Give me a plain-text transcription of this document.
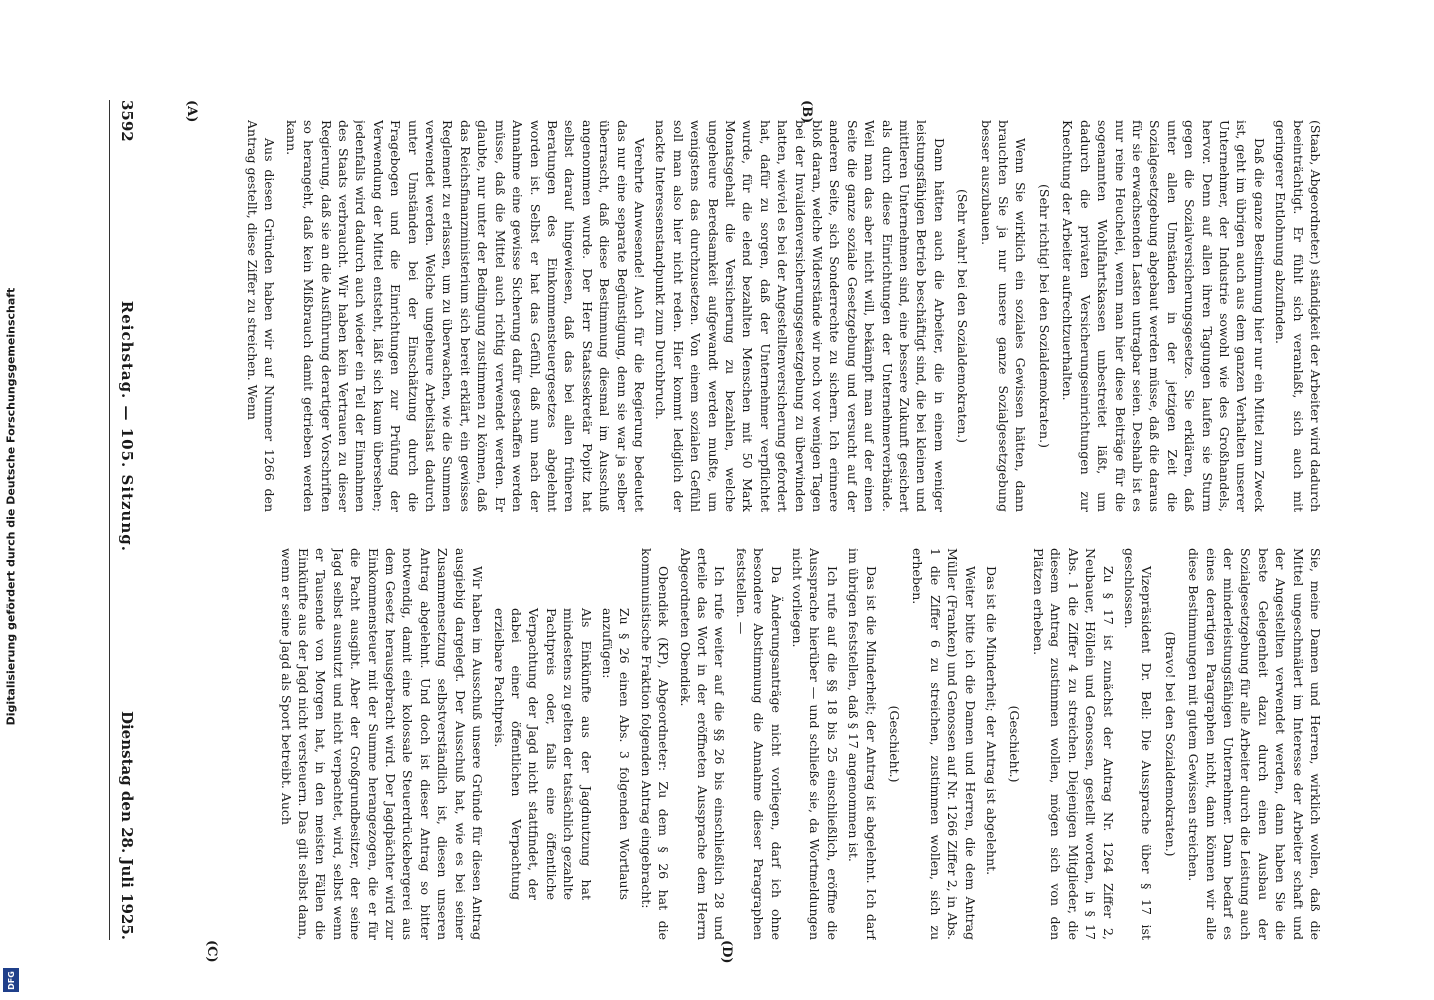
Digitalisierung gefördert durch die Deutsche Forschungsgemeinschaft
DFG
3592
Reichstag. — 105. Sitzung.
Dienstag den 28. Juli 1925.

(Staab, Abgeordneter.) ständigkeit der Arbeiter wird dadurch beeinträchtigt. Er fühlt sich veranlaßt, sich auch mit geringerer Entlohnung abzufinden.

Daß die ganze Bestimmung hier nur ein Mittel zum Zweck ist, geht im übrigen auch aus dem ganzen Verhalten unserer Unternehmer, der Industrie sowohl wie des Großhandels, hervor. Denn auf allen ihren Tagungen laufen sie Sturm gegen die Sozialversicherungsgesetze. Sie erklären, daß unter allen Umständen in der jetzigen Zeit die Sozialgesetzgebung abgebaut werden müsse, daß die daraus für sie erwachsenden Lasten untragbar seien. Deshalb ist es nur reine Heuchelei, wenn man hier diese Beiträge für die sogenannten Wohlfahrtskassen unbestreitet läßt, um dadurch die privaten Versicherungseinrichtungen zur Knechtung der Arbeiter aufrechtzuerhalten.

(Sehr richtig! bei den Sozialdemokraten.)

Wenn Sie wirklich ein soziales Gewissen hätten, dann brauchten Sie ja nur unsere ganze Sozialgesetzgebung besser auszubauen.

(Sehr wahr! bei den Sozialdemokraten.)

Dann hätten auch die Arbeiter, die in einem weniger leistungsfähigen Betrieb beschäftigt sind, die bei kleinen und mittleren Unternehmen sind, eine bessere Zukunft gesichert als durch diese Einrichtungen der Unternehmerverbände. Weil man das aber nicht will, bekämpft man auf der einen Seite die ganze soziale Gesetzgebung und versucht auf der anderen Seite, sich Sonderrechte zu sichern. Ich erinnere bloß daran, welche Widerstände wir noch vor wenigen Tagen bei der Invalidenversicherungsgesetzgebung zu überwinden hatten, wieviel es bei der Angestelltenversicherung gefordert hat, dafür zu sorgen, daß der Unternehmer verpflichtet wurde, für die elend bezahlten Menschen mit 50 Mark Monatsgehalt die Versicherung zu bezahlen, welche ungeheure Beredsamkeit aufgewandt werden mußte, um wenigstens das durchzusetzen. Von einem sozialen Gefühl soll man also hier nicht reden. Hier kommt lediglich der nackte Interessenstandpunkt zum Durchbruch.

Verehrte Anwesende! Auch für die Regierung bedeutet das nur eine separate Begünstigung, denn sie war ja selber überrascht, daß diese Bestimmung diesmal im Ausschuß angenommen wurde. Der Herr Staatssekretär Popitz hat selbst darauf hingewiesen, daß das bei allen früheren Beratungen des Einkommensteuergesetzes abgelehnt worden ist. Selbst er hat das Gefühl, daß nun nach der Annahme eine gewisse Sicherung dafür geschaffen werden müsse, daß die Mittel auch richtig verwendet werden. Er glaubte, nur unter der Bedingung zustimmen zu können, daß das Reichsfinanzministerium sich bereit erklärt, ein gewisses Reglement zu erlassen, um zu überwachen, wie die Summen verwendet werden. Welche ungeheure Arbeitslast dadurch unter Umständen bei der Einschätzung durch die Fragebogen und die Einrichtungen zur Prüfung der Verwendung der Mittel entsteht, läßt sich kaum übersehen; jedenfalls wird dadurch auch wieder ein Teil der Einnahmen des Staats verbraucht. Wir haben kein Vertrauen zu dieser Regierung, daß sie an die Ausführung derartiger Vorschriften so herangeht, daß kein Mißbrauch damit getrieben werden kann.

Aus diesen Gründen haben wir auf Nummer 1266 den Antrag gestellt, diese Ziffer zu streichen. Wenn

Sie, meine Damen und Herren, wirklich wollen, daß die Mittel ungeschmälert im Interesse der Arbeiter schaft und der Angestellten verwendet werden, dann haben Sie die beste Gelegenheit dazu durch einen Ausbau der Sozialgesetzgebung für alle Arbeiter durch die Leistung auch der minderleistungsfähigen Unternehmer. Dann bedarf es eines derartigen Paragraphen nicht, dann können wir alle diese Bestimmungen mit gutem Gewissen streichen.

(Bravo! bei den Sozialdemokraten.)

Vizepräsident Dr. Bell: Die Aussprache über § 17 ist geschlossen.

Zu § 17 ist zunächst der Antrag Nr. 1264 Ziffer 2, Neubauer, Höllein und Genossen, gestellt worden, in § 17 Abs. 1 die Ziffer 4 zu streichen. Diejenigen Mitglieder, die diesem Antrag zustimmen wollen, mögen sich von den Plätzen erheben.

(Geschieht.)

Das ist die Minderheit; der Antrag ist abgelehnt.

Weiter bitte ich die Damen und Herren, die dem Antrag Müller (Franken) und Genossen auf Nr. 1266 Ziffer 2, in Abs. 1 die Ziffer 6 zu streichen, zustimmen wollen, sich zu erheben.

(Geschieht.)

Das ist die Minderheit; der Antrag ist abgelehnt. Ich darf im übrigen feststellen, daß § 17 angenommen ist.

Ich rufe auf die §§ 18 bis 25 einschließlich, eröffne die Aussprache hierüber — und schließe sie, da Wortmeldungen nicht vorliegen.

Da Änderungsanträge nicht vorliegen, darf ich ohne besondere Abstimmung die Annahme dieser Paragraphen feststellen. —

Ich rufe weiter auf die §§ 26 bis einschließlich 28 und erteile das Wort in der eröffneten Aussprache dem Herrn Abgeordneten Obendiek.

Obendiek (KP), Abgeordneter: Zu dem § 26 hat die kommunistische Fraktion folgenden Antrag eingebracht:

Zu § 26 einen Abs. 3 folgenden Wortlauts anzufügen:

Als Einkünfte aus der Jagdnutzung hat mindestens zu gelten der tatsächlich gezahlte Pachtpreis oder, falls eine öffentliche Verpachtung der Jagd nicht stattfindet, der dabei einer öffentlichen Verpachtung erzielbare Pachtpreis.

Wir haben im Ausschuß unsere Gründe für diesen Antrag ausgiebig dargelegt. Der Ausschuß hat, wie es bei seiner Zusammensetzung selbstverständlich ist, diesen unseren Antrag abgelehnt. Und doch ist dieser Antrag so bitter notwendig, damit eine kolossale Steuerdrückebergerei aus dem Gesetz herausgebracht wird. Der Jagdpächter wird zur Einkommensteuer mit der Summe herangezogen, die er für die Pacht ausgibt. Aber der Großgrundbesitzer, der seine Jagd selbst ausnutzt und nicht verpachtet, wird, selbst wenn er Tausende von Morgen hat, in den meisten Fällen die Einkünfte aus der Jagd nicht versteuern. Das gilt selbst dann, wenn er seine Jagd als Sport betreibt. Auch

(A)	(B)
(C)	(D)
